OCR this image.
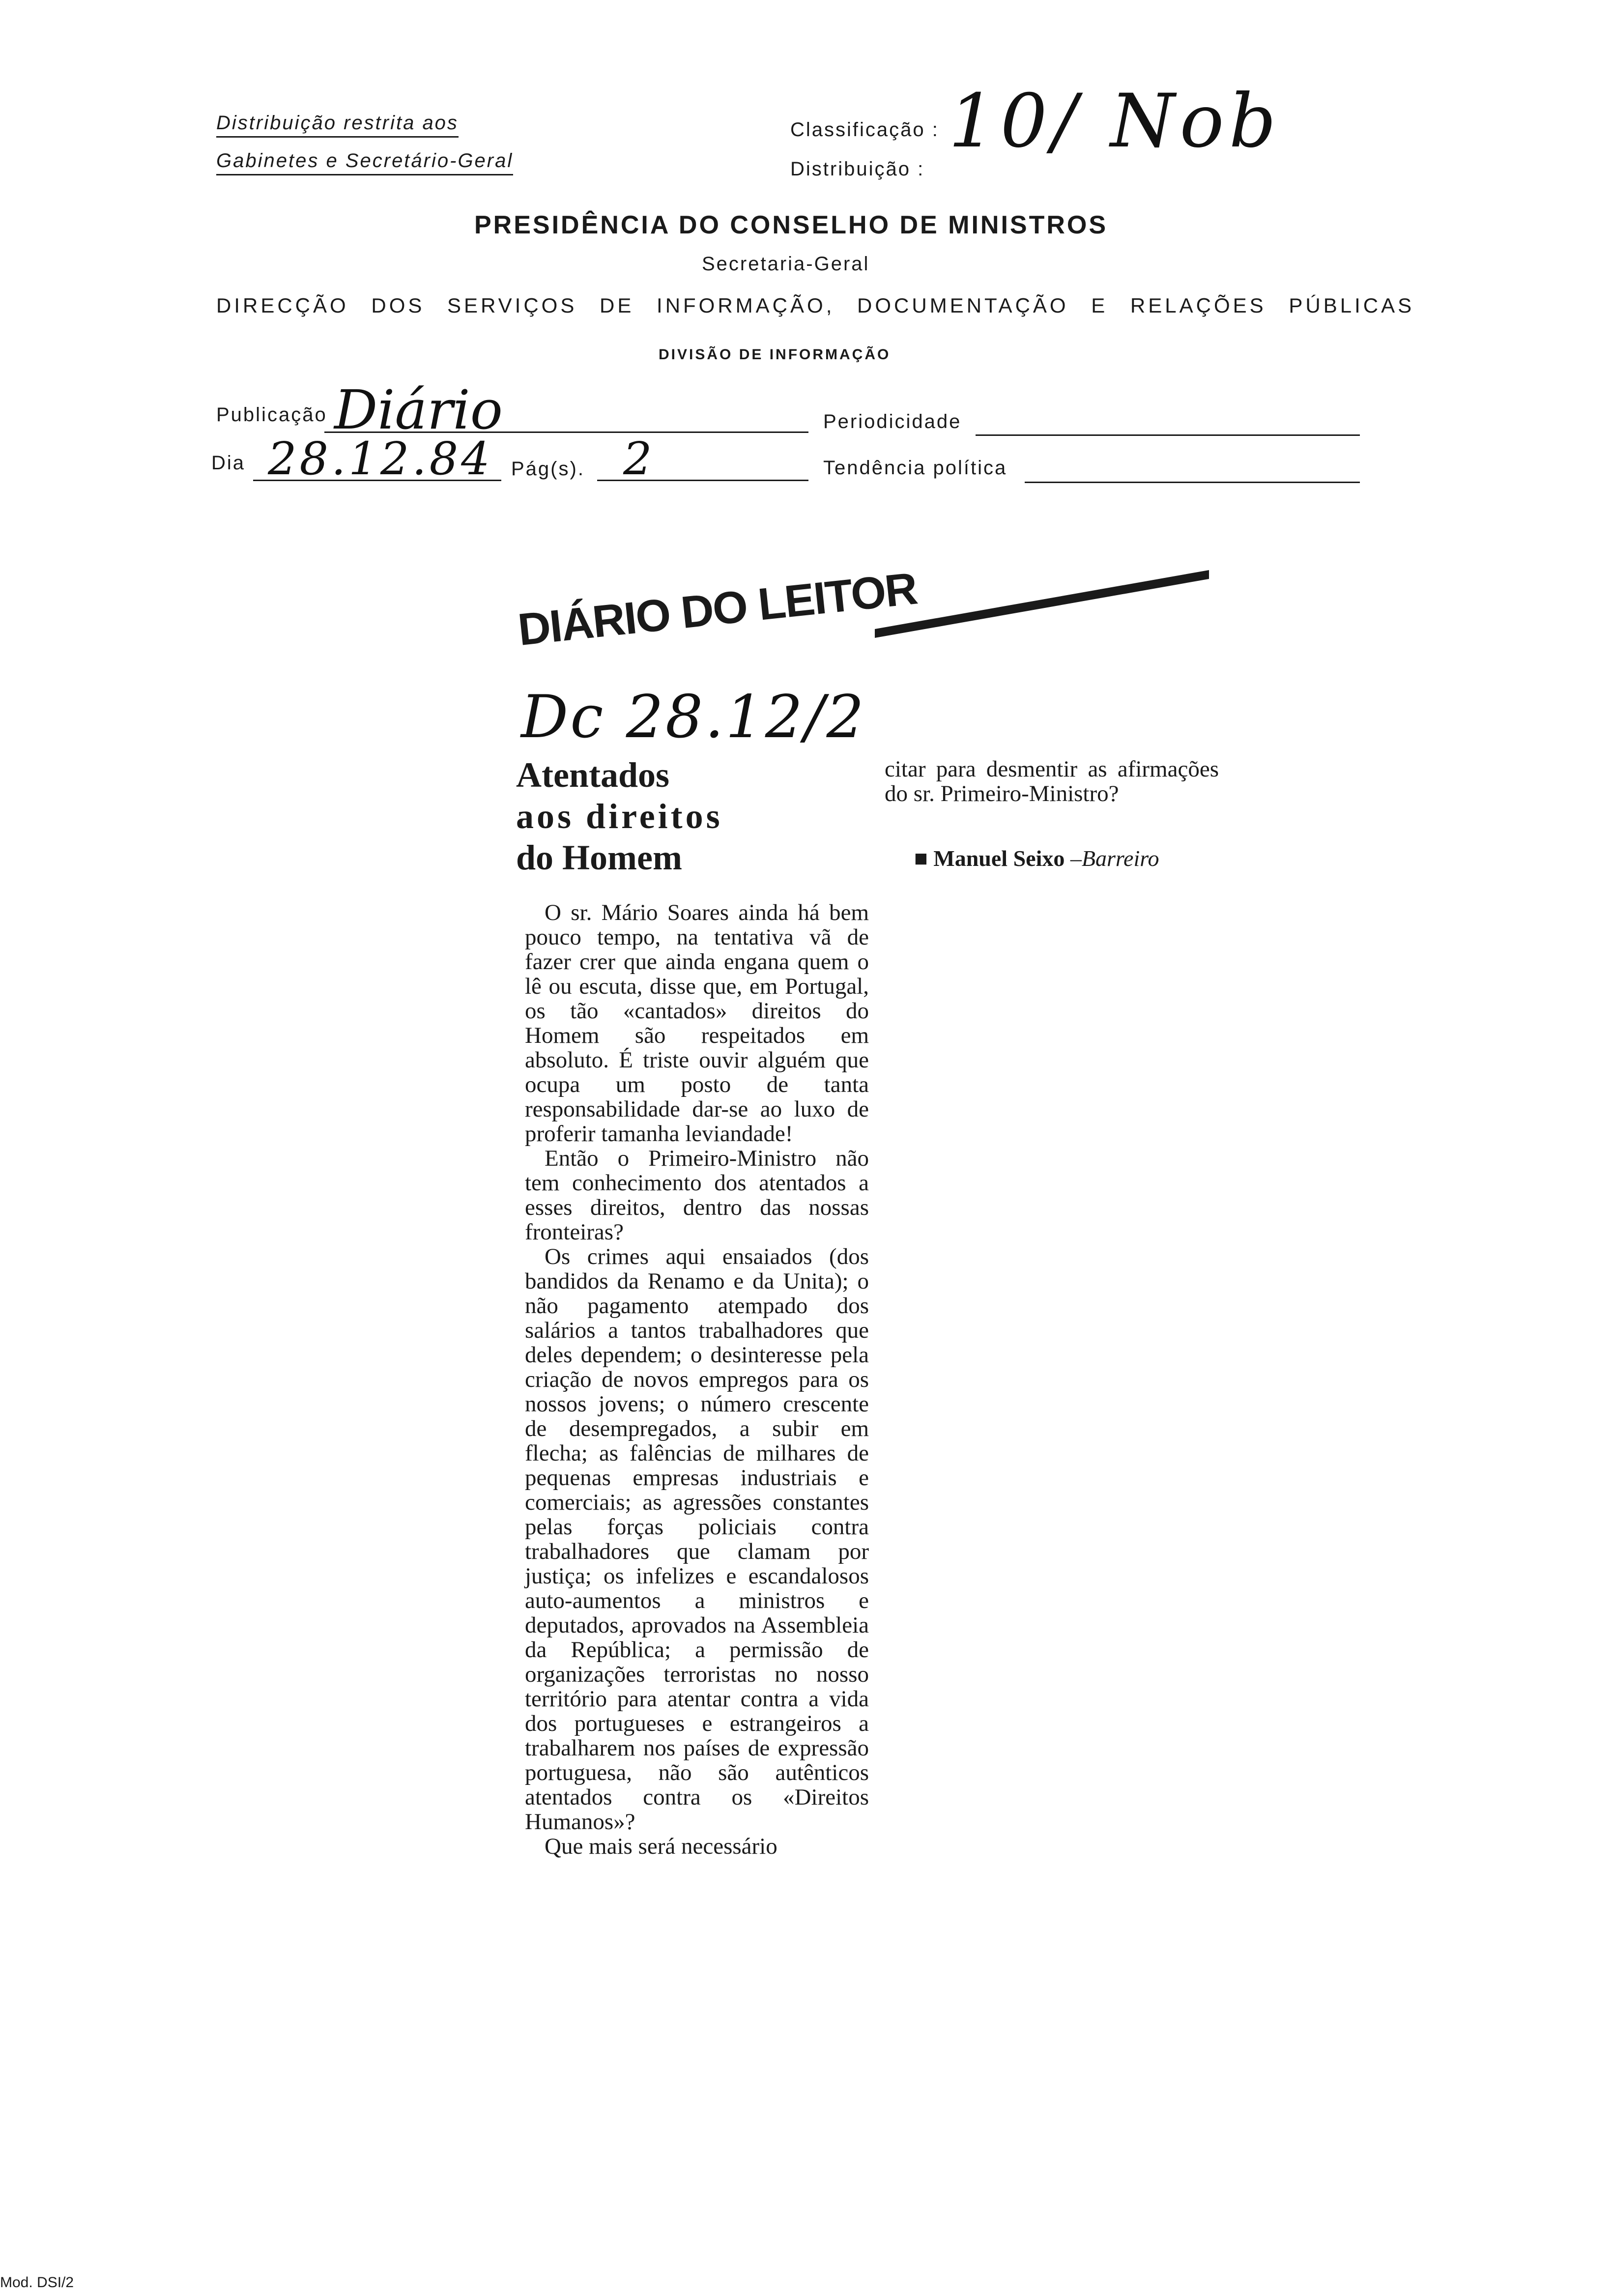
Distribuição restrita aos
Gabinetes e Secretário-Geral
Classificação :
Distribuição :
10/ Nob
PRESIDÊNCIA DO CONSELHO DE MINISTROS
Secretaria-Geral
DIRECÇÃO DOS SERVIÇOS DE INFORMAÇÃO, DOCUMENTAÇÃO E RELAÇÕES PÚBLICAS
DIVISÃO DE INFORMAÇÃO
Publicação Diário	Periodicidade
Dia 28.12.84 Pág(s). 2	Tendência política
DIÁRIO DO LEITOR
Dc 28.12/2
Atentados
aos direitos
do Homem

O sr. Mário Soares ainda há bem pouco tempo, na tentativa vã de fazer crer que ainda engana quem o lê ou escuta, disse que, em Portugal, os tão «cantados» direitos do Homem são respeitados em absoluto. É triste ouvir alguém que ocupa um posto de tanta responsabilidade dar-se ao luxo de proferir tamanha leviandade!

Então o Primeiro-Ministro não tem conhecimento dos atentados a esses direitos, dentro das nossas fronteiras?

Os crimes aqui ensaiados (dos bandidos da Renamo e da Unita); o não pagamento atempado dos salários a tantos trabalhadores que deles dependem; o desinteresse pela criação de novos empregos para os nossos jovens; o número crescente de desempregados, a subir em flecha; as falências de milhares de pequenas empresas industriais e comerciais; as agressões constantes pelas forças policiais contra trabalhadores que clamam por justiça; os infelizes e escandalosos auto-aumentos a ministros e deputados, aprovados na Assembleia da República; a permissão de organizações terroristas no nosso território para atentar contra a vida dos portugueses e estrangeiros a trabalharem nos países de expressão portuguesa, não são autênticos atentados contra os «Direitos Humanos»?

Que mais será necessário

citar para desmentir as afirmações do sr. Primeiro-Ministro?
■ Manuel Seixo –Barreiro
Mod. DSI/2
